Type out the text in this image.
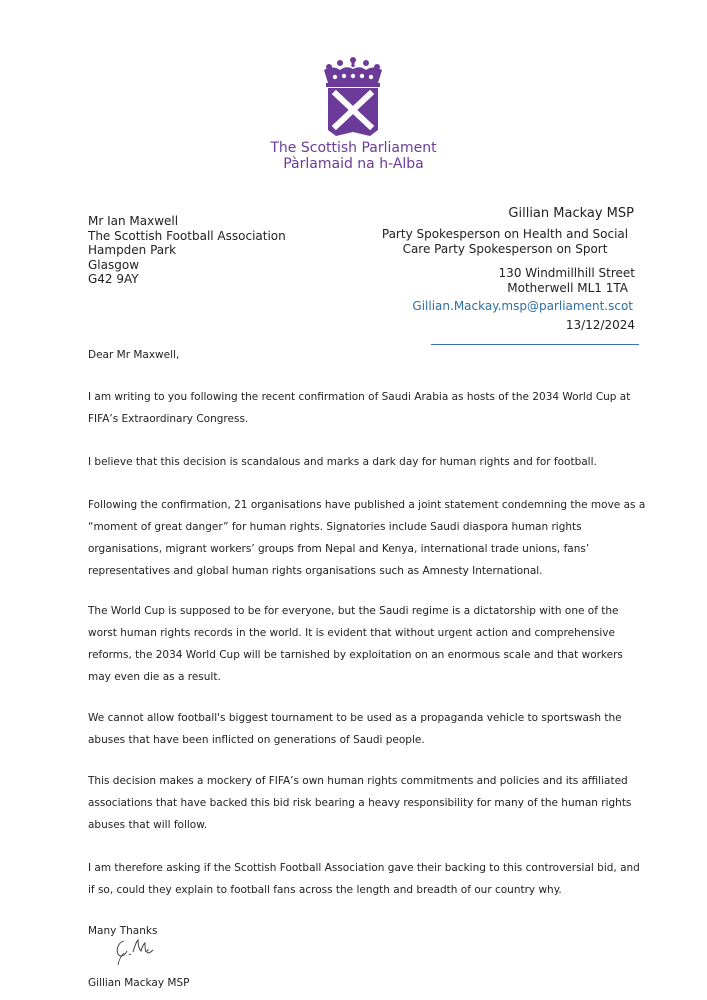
The Scottish Parliament
Pàrlamaid na h-Alba
Mr Ian Maxwell
The Scottish Football Association
Hampden Park
Glasgow
G42 9AY
Gillian Mackay MSP
Party Spokesperson on Health and Social Care Party Spokesperson on Sport
130 Windmillhill Street
Motherwell ML1 1TA
Gillian.Mackay.msp@parliament.scot
13/12/2024
Dear Mr Maxwell,
I am writing to you following the recent confirmation of Saudi Arabia as hosts of the 2034 World Cup at FIFA’s Extraordinary Congress.
I believe that this decision is scandalous and marks a dark day for human rights and for football.
Following the confirmation, 21 organisations have published a joint statement condemning the move as a “moment of great danger” for human rights. Signatories include Saudi diaspora human rights organisations, migrant workers’ groups from Nepal and Kenya, international trade unions, fans’ representatives and global human rights organisations such as Amnesty International.
The World Cup is supposed to be for everyone, but the Saudi regime is a dictatorship with one of the worst human rights records in the world. It is evident that without urgent action and comprehensive reforms, the 2034 World Cup will be tarnished by exploitation on an enormous scale and that workers may even die as a result.
We cannot allow football's biggest tournament to be used as a propaganda vehicle to sportswash the abuses that have been inflicted on generations of Saudi people.
This decision makes a mockery of FIFA’s own human rights commitments and policies and its affiliated associations that have backed this bid risk bearing a heavy responsibility for many of the human rights abuses that will follow.
I am therefore asking if the Scottish Football Association gave their backing to this controversial bid, and if so, could they explain to football fans across the length and breadth of our country why.
Many Thanks
Gillian Mackay MSP
